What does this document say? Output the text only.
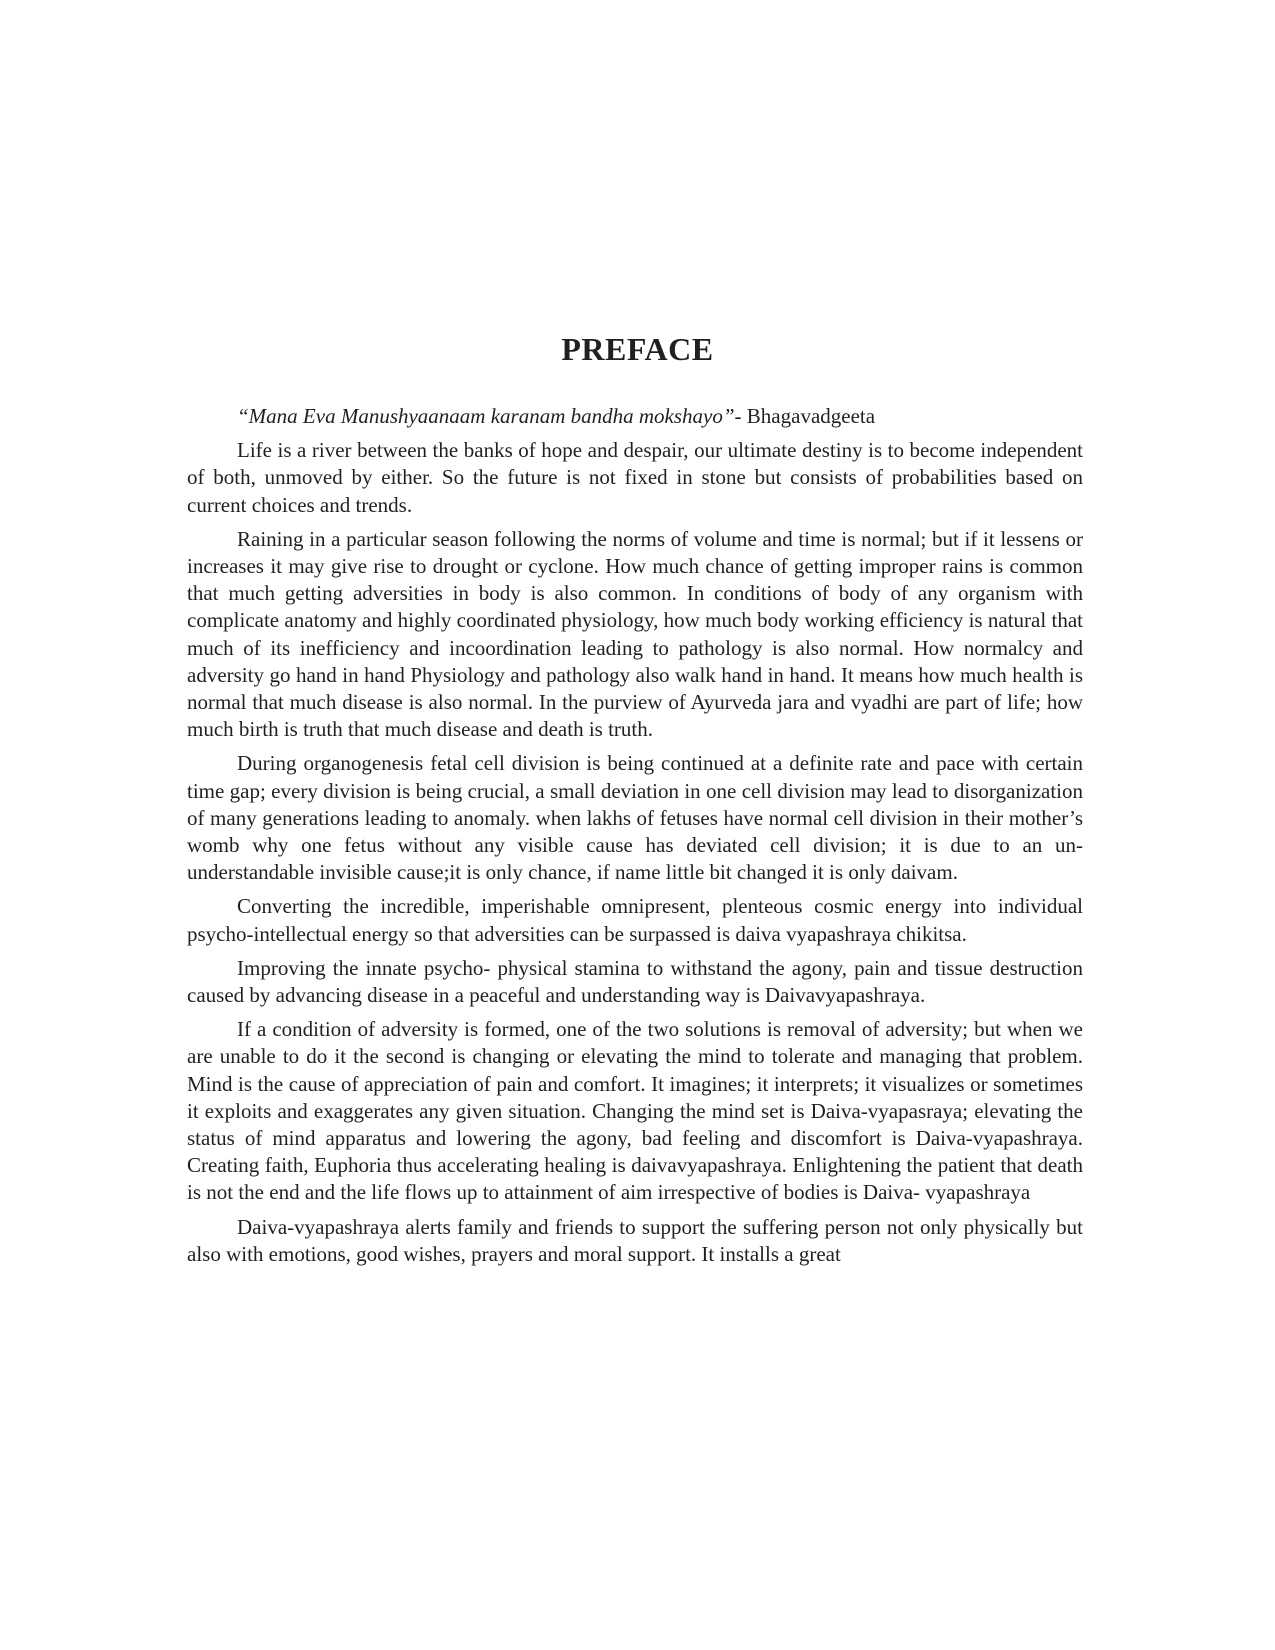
PREFACE

“Mana Eva Manushyaanaam karanam bandha mokshayo”- Bhagavadgeeta

Life is a river between the banks of hope and despair, our ultimate destiny is to become independent of both, unmoved by either. So the future is not fixed in stone but consists of probabilities based on current choices and trends.

Raining in a particular season following the norms of volume and time is normal; but if it lessens or increases it may give rise to drought or cyclone. How much chance of getting improper rains is common that much getting adversities in body is also common. In conditions of body of any organism with complicate anatomy and highly coordinated physiology, how much body working efficiency is natural that much of its inefficiency and incoordination leading to pathology is also normal. How normalcy and adversity go hand in hand Physiology and pathology also walk hand in hand. It means how much health is normal that much disease is also normal. In the purview of Ayurveda jara and vyadhi are part of life; how much birth is truth that much disease and death is truth.

During organogenesis fetal cell division is being continued at a definite rate and pace with certain time gap; every division is being crucial, a small deviation in one cell division may lead to disorganization of many generations leading to anomaly. when lakhs of fetuses have normal cell division in their mother’s womb why one fetus without any visible cause has deviated cell division; it is due to an un-understandable invisible cause;it is only chance, if name little bit changed it is only daivam.

Converting the incredible, imperishable omnipresent, plenteous cosmic energy into individual psycho-intellectual energy so that adversities can be surpassed is daiva vyapashraya chikitsa.

Improving the innate psycho- physical stamina to withstand the agony, pain and tissue destruction caused by advancing disease in a peaceful and understanding way is Daivavyapashraya.

If a condition of adversity is formed, one of the two solutions is removal of adversity; but when we are unable to do it the second is changing or elevating the mind to tolerate and managing that problem. Mind is the cause of appreciation of pain and comfort. It imagines; it interprets; it visualizes or sometimes it exploits and exaggerates any given situation. Changing the mind set is Daiva-vyapasraya; elevating the status of mind apparatus and lowering the agony, bad feeling and discomfort is Daiva-vyapashraya. Creating faith, Euphoria thus accelerating healing is daivavyapashraya. Enlightening the patient that death is not the end and the life flows up to attainment of aim irrespective of bodies is Daiva- vyapashraya

Daiva-vyapashraya alerts family and friends to support the suffering person not only physically but also with emotions, good wishes, prayers and moral support. It installs a great
